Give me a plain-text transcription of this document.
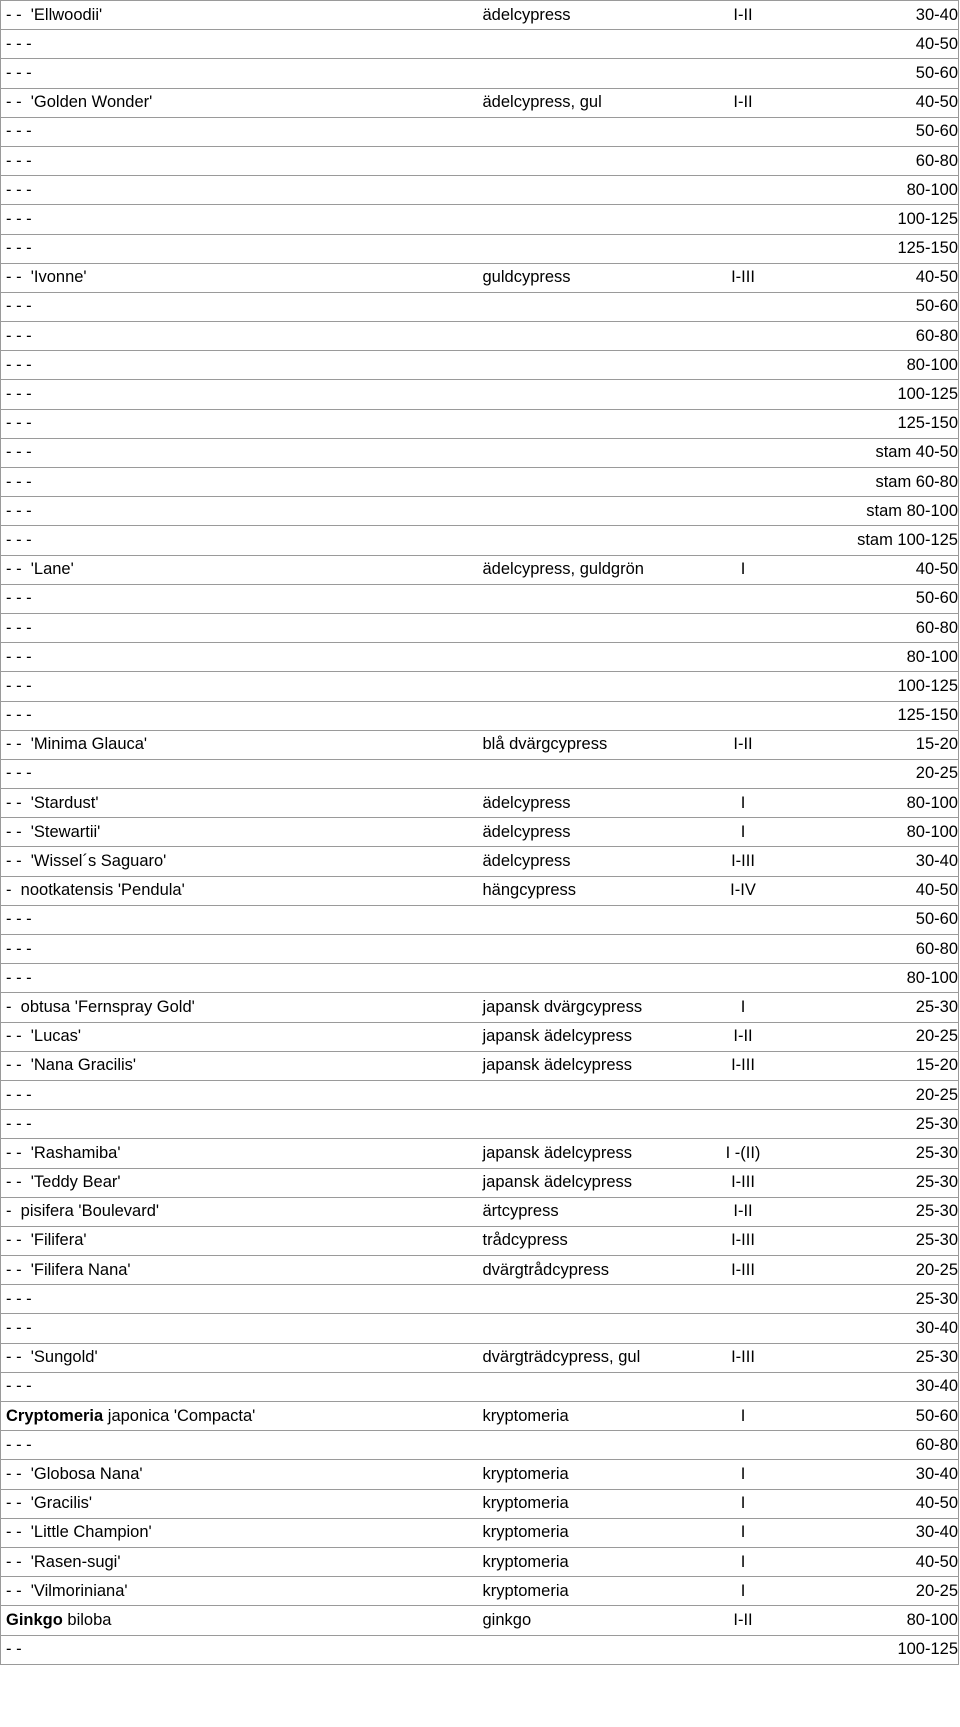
- -  'Ellwoodii'	ädelcypress	I-II	30-40
- - -			40-50
- - -			50-60
- -  'Golden Wonder'	ädelcypress, gul	I-II	40-50
- - -			50-60
- - -			60-80
- - -			80-100
- - -			100-125
- - -			125-150
- -  'Ivonne'	guldcypress	I-III	40-50
- - -			50-60
- - -			60-80
- - -			80-100
- - -			100-125
- - -			125-150
- - -			stam 40-50
- - -			stam 60-80
- - -			stam 80-100
- - -			stam 100-125
- -  'Lane'	ädelcypress, guldgrön	I	40-50
- - -			50-60
- - -			60-80
- - -			80-100
- - -			100-125
- - -			125-150
- -  'Minima Glauca'	blå dvärgcypress	I-II	15-20
- - -			20-25
- -  'Stardust'	ädelcypress	I	80-100
- -  'Stewartii'	ädelcypress	I	80-100
- -  'Wissel´s Saguaro'	ädelcypress	I-III	30-40
-  nootkatensis 'Pendula'	hängcypress	I-IV	40-50
- - -			50-60
- - -			60-80
- - -			80-100
-  obtusa 'Fernspray Gold'	japansk dvärgcypress	I	25-30
- -  'Lucas'	japansk ädelcypress	I-II	20-25
- -  'Nana Gracilis'	japansk ädelcypress	I-III	15-20
- - -			20-25
- - -			25-30
- -  'Rashamiba'	japansk ädelcypress	I -(II)	25-30
- -  'Teddy Bear'	japansk ädelcypress	I-III	25-30
-  pisifera 'Boulevard'	ärtcypress	I-II	25-30
- -  'Filifera'	trådcypress	I-III	25-30
- -  'Filifera Nana'	dvärgtrådcypress	I-III	20-25
- - -			25-30
- - -			30-40
- -  'Sungold'	dvärgträdcypress, gul	I-III	25-30
- - -			30-40
Cryptomeria japonica 'Compacta'	kryptomeria	I	50-60
- - -			60-80
- -  'Globosa Nana'	kryptomeria	I	30-40
- -  'Gracilis'	kryptomeria	I	40-50
- -  'Little Champion'	kryptomeria	I	30-40
- -  'Rasen-sugi'	kryptomeria	I	40-50
- -  'Vilmoriniana'	kryptomeria	I	20-25
Ginkgo biloba	ginkgo	I-II	80-100
- -			100-125
